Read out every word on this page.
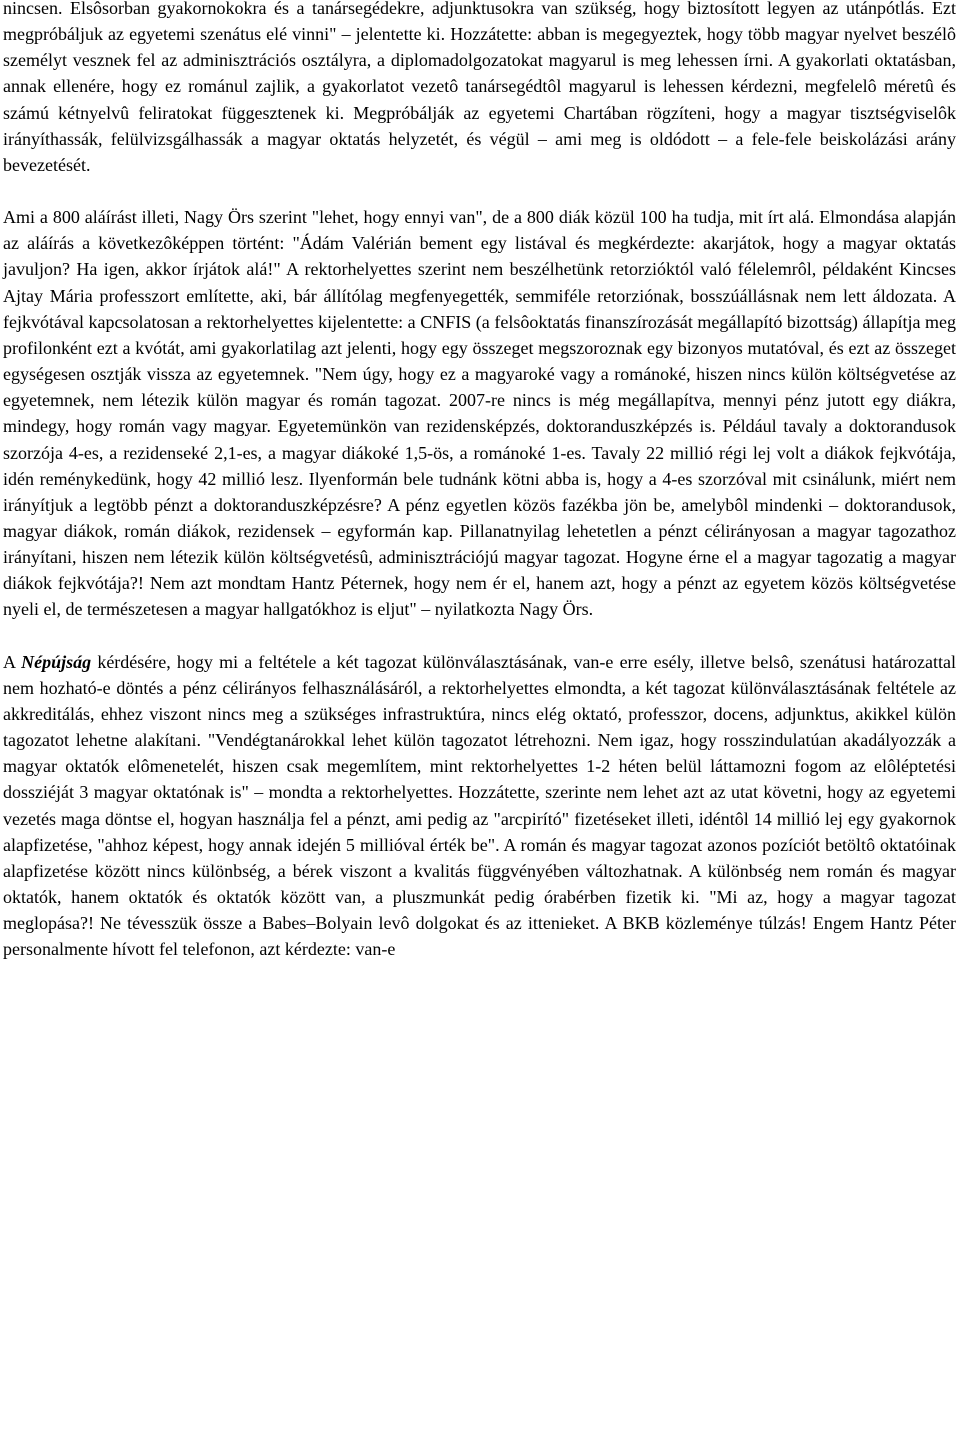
nincsen. Elsôsorban gyakornokokra és a tanársegédekre, adjunktusokra van szükség, hogy biztosított legyen az utánpótlás. Ezt megpróbáljuk az egyetemi szenátus elé vinni" – jelentette ki. Hozzátette: abban is megegyeztek, hogy több magyar nyelvet beszélô személyt vesznek fel az adminisztrációs osztályra, a diplomadolgozatokat magyarul is meg lehessen írni. A gyakorlati oktatásban, annak ellenére, hogy ez románul zajlik, a gyakorlatot vezetô tanársegédtôl magyarul is lehessen kérdezni, megfelelô méretû és számú kétnyelvû feliratokat függesztenek ki. Megpróbálják az egyetemi Chartában rögzíteni, hogy a magyar tisztségviselôk irányíthassák, felülvizsgálhassák a magyar oktatás helyzetét, és végül – ami meg is oldódott – a fele-fele beiskolázási arány bevezetését.

Ami a 800 aláírást illeti, Nagy Örs szerint "lehet, hogy ennyi van", de a 800 diák közül 100 ha tudja, mit írt alá. Elmondása alapján az aláírás a következôképpen történt: "Ádám Valérián bement egy listával és megkérdezte: akarjátok, hogy a magyar oktatás javuljon? Ha igen, akkor írjátok alá!" A rektorhelyettes szerint nem beszélhetünk retorzióktól való félelemrôl, példaként Kincses Ajtay Mária professzort említette, aki, bár állítólag megfenyegették, semmiféle retorziónak, bosszúállásnak nem lett áldozata. A fejkvótával kapcsolatosan a rektorhelyettes kijelentette: a CNFIS (a felsôoktatás finanszírozását megállapító bizottság) állapítja meg profilonként ezt a kvótát, ami gyakorlatilag azt jelenti, hogy egy összeget megszoroznak egy bizonyos mutatóval, és ezt az összeget egységesen osztják vissza az egyetemnek. "Nem úgy, hogy ez a magyaroké vagy a románoké, hiszen nincs külön költségvetése az egyetemnek, nem létezik külön magyar és román tagozat. 2007-re nincs is még megállapítva, mennyi pénz jutott egy diákra, mindegy, hogy román vagy magyar. Egyetemünkön van rezidensképzés, doktoranduszképzés is. Például tavaly a doktorandusok szorzója 4-es, a rezidenseké 2,1-es, a magyar diákoké 1,5-ös, a románoké 1-es. Tavaly 22 millió régi lej volt a diákok fejkvótája, idén reménykedünk, hogy 42 millió lesz. Ilyenformán bele tudnánk kötni abba is, hogy a 4-es szorzóval mit csinálunk, miért nem irányítjuk a legtöbb pénzt a doktoranduszképzésre? A pénz egyetlen közös fazékba jön be, amelybôl mindenki – doktorandusok, magyar diákok, román diákok, rezidensek – egyformán kap. Pillanatnyilag lehetetlen a pénzt célirányosan a magyar tagozathoz irányítani, hiszen nem létezik külön költségvetésû, adminisztrációjú magyar tagozat. Hogyne érne el a magyar tagozatig a magyar diákok fejkvótája?! Nem azt mondtam Hantz Péternek, hogy nem ér el, hanem azt, hogy a pénzt az egyetem közös költségvetése nyeli el, de természetesen a magyar hallgatókhoz is eljut" – nyilatkozta Nagy Örs.

A Népújság kérdésére, hogy mi a feltétele a két tagozat különválasztásának, van-e erre esély, illetve belsô, szenátusi határozattal nem hozható-e döntés a pénz célirányos felhasználásáról, a rektorhelyettes elmondta, a két tagozat különválasztásának feltétele az akkreditálás, ehhez viszont nincs meg a szükséges infrastruktúra, nincs elég oktató, professzor, docens, adjunktus, akikkel külön tagozatot lehetne alakítani. "Vendégtanárokkal lehet külön tagozatot létrehozni. Nem igaz, hogy rosszindulatúan akadályozzák a magyar oktatók elômenetelét, hiszen csak megemlítem, mint rektorhelyettes 1-2 héten belül láttamozni fogom az elôléptetési dossziéját 3 magyar oktatónak is" – mondta a rektorhelyettes. Hozzátette, szerinte nem lehet azt az utat követni, hogy az egyetemi vezetés maga döntse el, hogyan használja fel a pénzt, ami pedig az "arcpirító" fizetéseket illeti, idéntôl 14 millió lej egy gyakornok alapfizetése, "ahhoz képest, hogy annak idején 5 millióval érték be". A román és magyar tagozat azonos pozíciót betöltô oktatóinak alapfizetése között nincs különbség, a bérek viszont a kvalitás függvényében változhatnak. A különbség nem román és magyar oktatók, hanem oktatók és oktatók között van, a pluszmunkát pedig órabérben fizetik ki. "Mi az, hogy a magyar tagozat meglopása?! Ne tévesszük össze a Babes–Bolyain levô dolgokat és az ittenieket. A BKB közleménye túlzás! Engem Hantz Péter personalmente hívott fel telefonon, azt kérdezte: van-e
